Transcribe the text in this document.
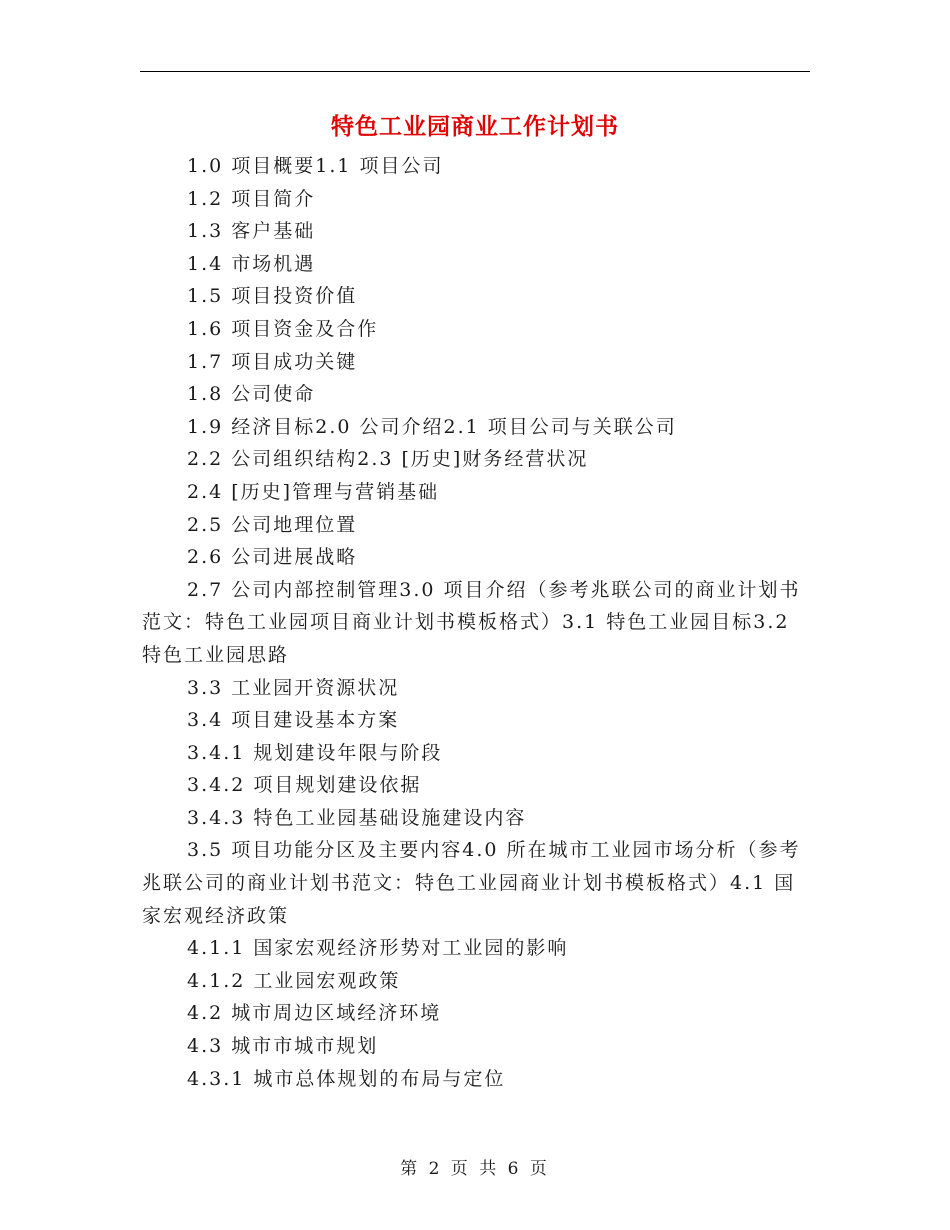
特色工业园商业工作计划书

1.0 项目概要1.1 项目公司

1.2 项目简介

1.3 客户基础

1.4 市场机遇

1.5 项目投资价值

1.6 项目资金及合作

1.7 项目成功关键

1.8 公司使命

1.9 经济目标2.0 公司介绍2.1 项目公司与关联公司

2.2 公司组织结构2.3 [历史]财务经营状况

2.4 [历史]管理与营销基础

2.5 公司地理位置

2.6 公司进展战略

2.7 公司内部控制管理3.0 项目介绍（参考兆联公司的商业计划书范文：特色工业园项目商业计划书模板格式）3.1 特色工业园目标3.2 特色工业园思路

3.3 工业园开资源状况

3.4 项目建设基本方案

3.4.1 规划建设年限与阶段

3.4.2 项目规划建设依据

3.4.3 特色工业园基础设施建设内容

3.5 项目功能分区及主要内容4.0 所在城市工业园市场分析（参考兆联公司的商业计划书范文：特色工业园商业计划书模板格式）4.1 国家宏观经济政策

4.1.1 国家宏观经济形势对工业园的影响

4.1.2 工业园宏观政策

4.2 城市周边区域经济环境

4.3 城市市城市规划

4.3.1 城市总体规划的布局与定位

第 2 页 共 6 页
